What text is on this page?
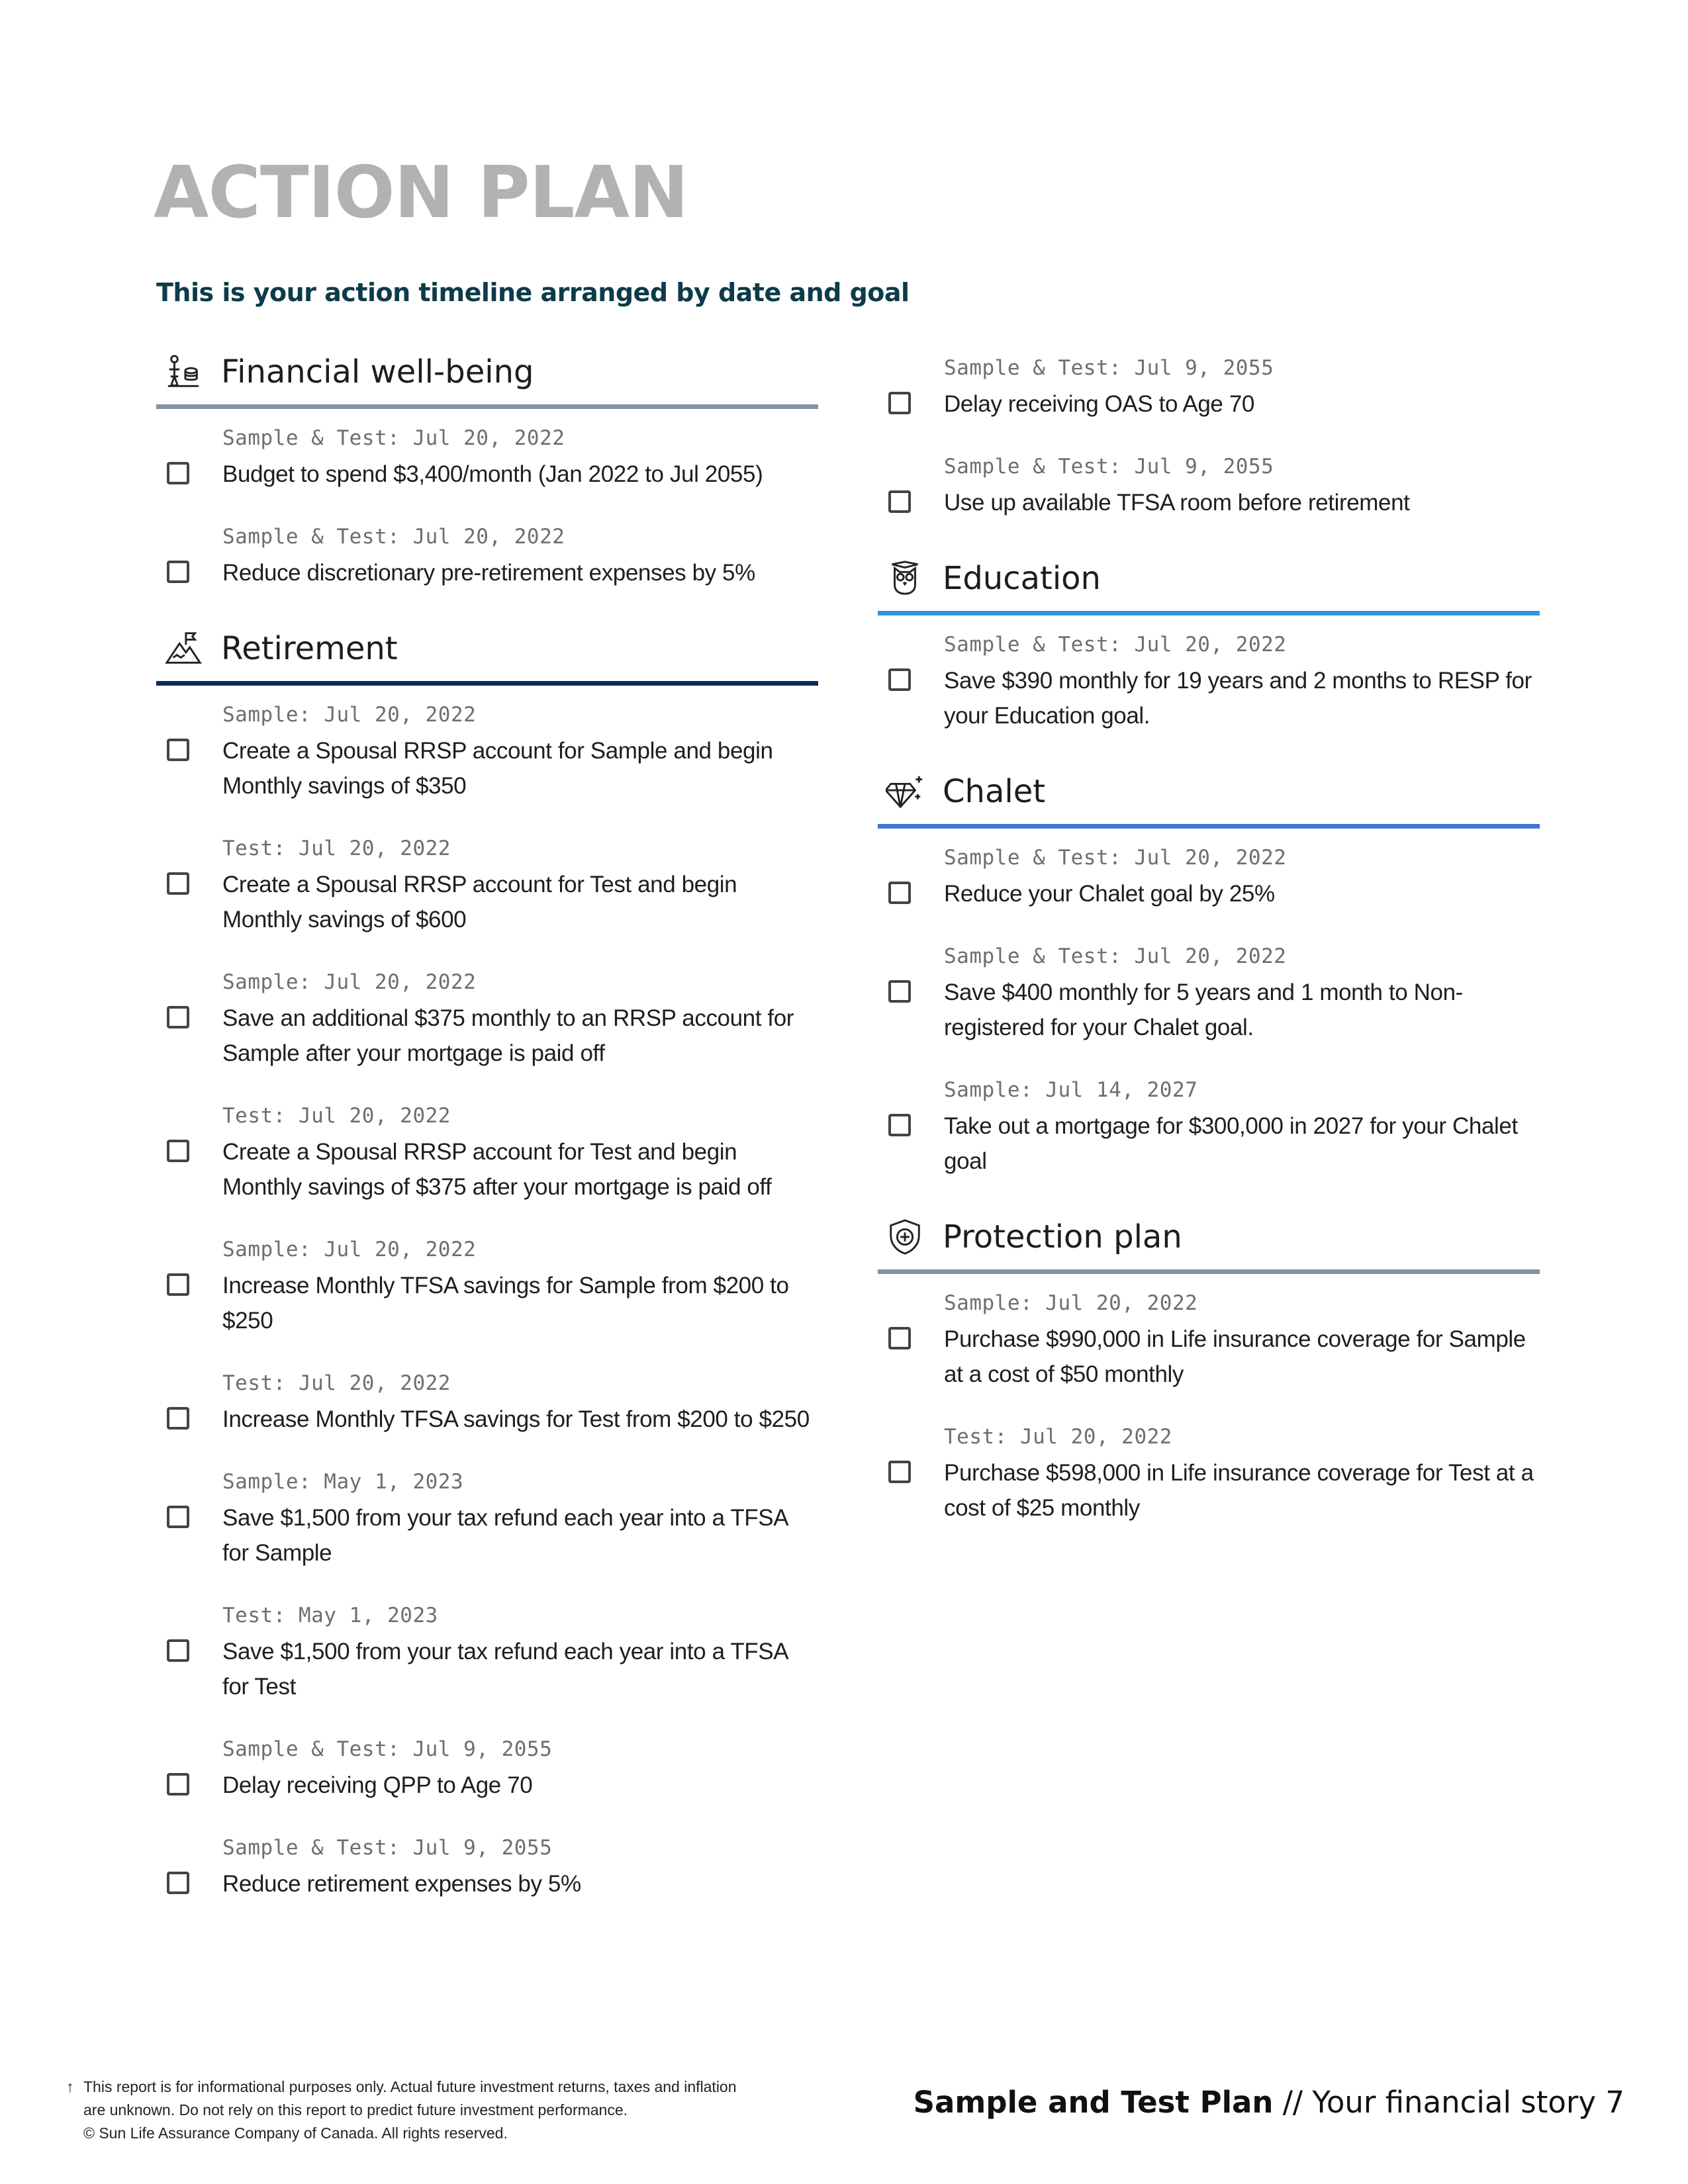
ACTION PLAN
This is your action timeline arranged by date and goal
Financial well-being
Sample & Test: Jul 20, 2022
Budget to spend $3,400/month (Jan 2022 to Jul 2055)
Sample & Test: Jul 20, 2022
Reduce discretionary pre-retirement expenses by 5%
Retirement
Sample: Jul 20, 2022
Create a Spousal RRSP account for Sample and begin Monthly savings of $350
Test: Jul 20, 2022
Create a Spousal RRSP account for Test and begin Monthly savings of $600
Sample: Jul 20, 2022
Save an additional $375 monthly to an RRSP account for Sample after your mortgage is paid off
Test: Jul 20, 2022
Create a Spousal RRSP account for Test and begin Monthly savings of $375 after your mortgage is paid off
Sample: Jul 20, 2022
Increase Monthly TFSA savings for Sample from $200 to $250
Test: Jul 20, 2022
Increase Monthly TFSA savings for Test from $200 to $250
Sample: May 1, 2023
Save $1,500 from your tax refund each year into a TFSA for Sample
Test: May 1, 2023
Save $1,500 from your tax refund each year into a TFSA for Test
Sample & Test: Jul 9, 2055
Delay receiving QPP to Age 70
Sample & Test: Jul 9, 2055
Reduce retirement expenses by 5%
Sample & Test: Jul 9, 2055
Delay receiving OAS to Age 70
Sample & Test: Jul 9, 2055
Use up available TFSA room before retirement
Education
Sample & Test: Jul 20, 2022
Save $390 monthly for 19 years and 2 months to RESP for your Education goal.
Chalet
Sample & Test: Jul 20, 2022
Reduce your Chalet goal by 25%
Sample & Test: Jul 20, 2022
Save $400 monthly for 5 years and 1 month to Non-registered for your Chalet goal.
Sample: Jul 14, 2027
Take out a mortgage for $300,000 in 2027 for your Chalet goal
Protection plan
Sample: Jul 20, 2022
Purchase $990,000 in Life insurance coverage for Sample at a cost of $50 monthly
Test: Jul 20, 2022
Purchase $598,000 in Life insurance coverage for Test at a cost of $25 monthly
↑ This report is for informational purposes only. Actual future investment returns, taxes and inflation
are unknown. Do not rely on this report to predict future investment performance.
© Sun Life Assurance Company of Canada. All rights reserved.
Sample and Test Plan // Your financial story 7
